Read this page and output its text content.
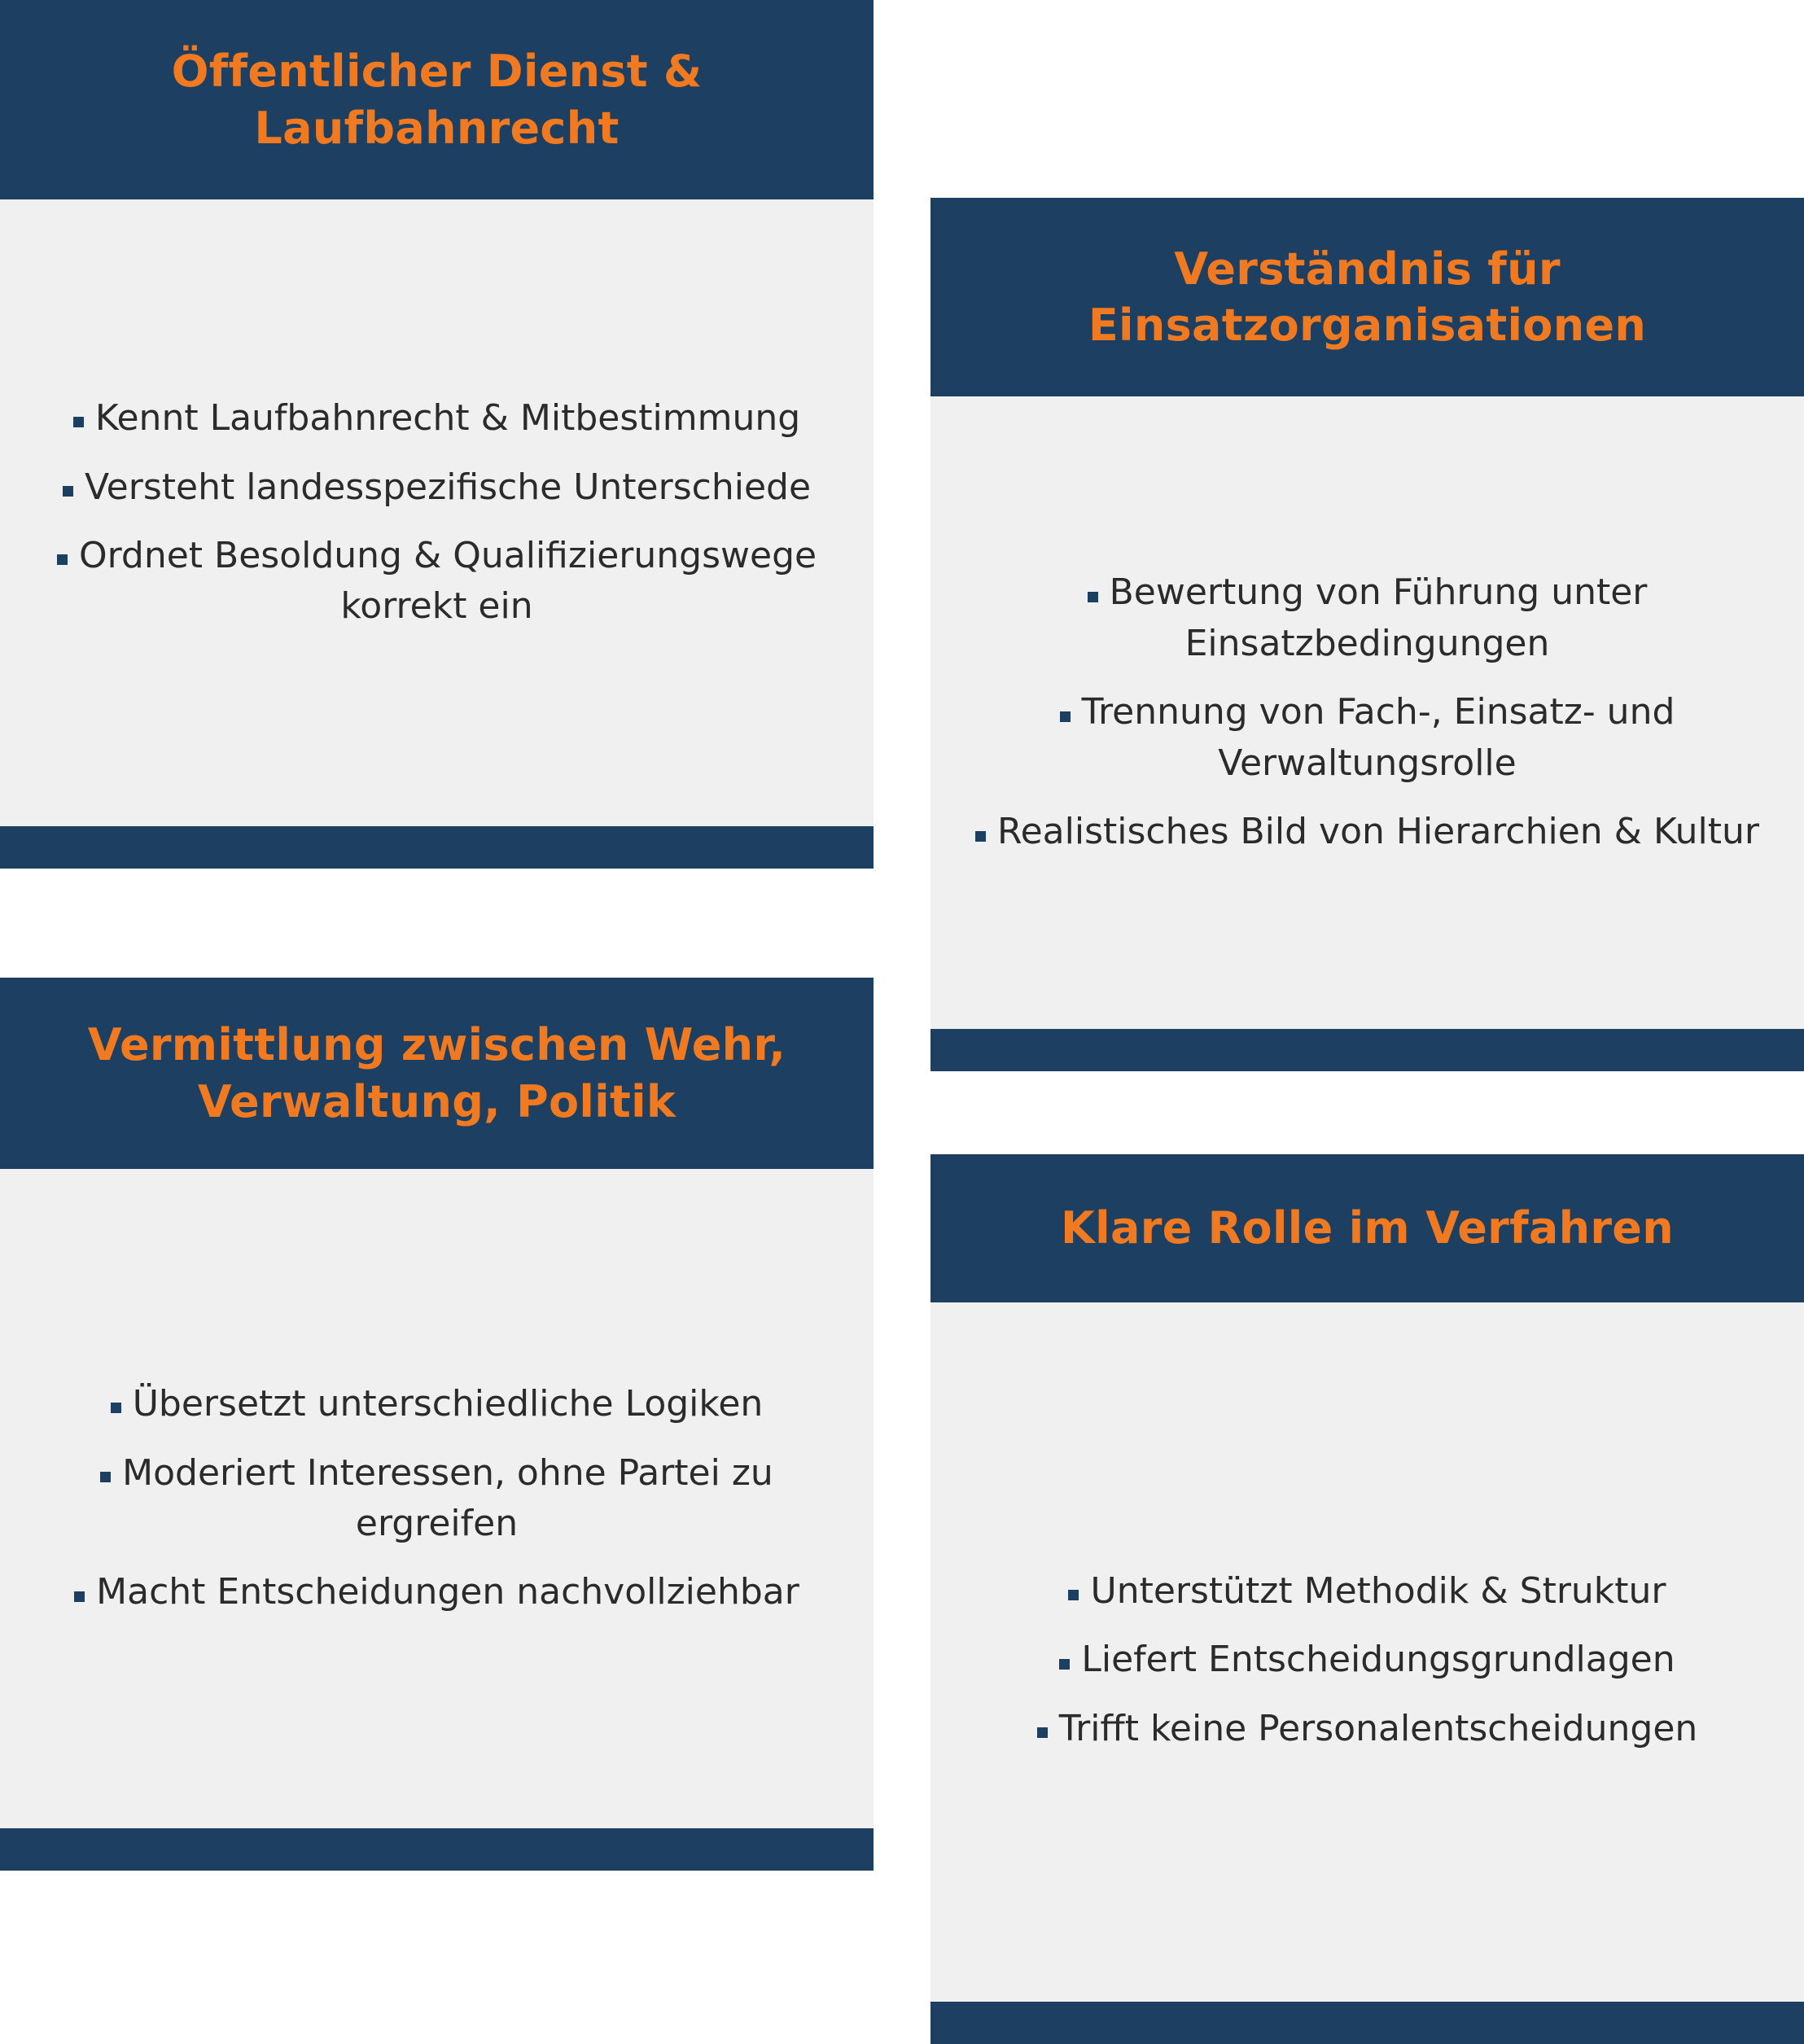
Öffentlicher Dienst & Laufbahnrecht
Kennt Laufbahnrecht & Mitbestimmung
Versteht landesspezifische Unterschiede
Ordnet Besoldung & Qualifizierungswege korrekt ein
Verständnis für Einsatzorganisationen
Bewertung von Führung unter Einsatzbedingungen
Trennung von Fach-, Einsatz- und Verwaltungsrolle
Realistisches Bild von Hierarchien & Kultur
Vermittlung zwischen Wehr, Verwaltung, Politik
Übersetzt unterschiedliche Logiken
Moderiert Interessen, ohne Partei zu ergreifen
Macht Entscheidungen nachvollziehbar
Klare Rolle im Verfahren
Unterstützt Methodik & Struktur
Liefert Entscheidungsgrundlagen
Trifft keine Personalentscheidungen
